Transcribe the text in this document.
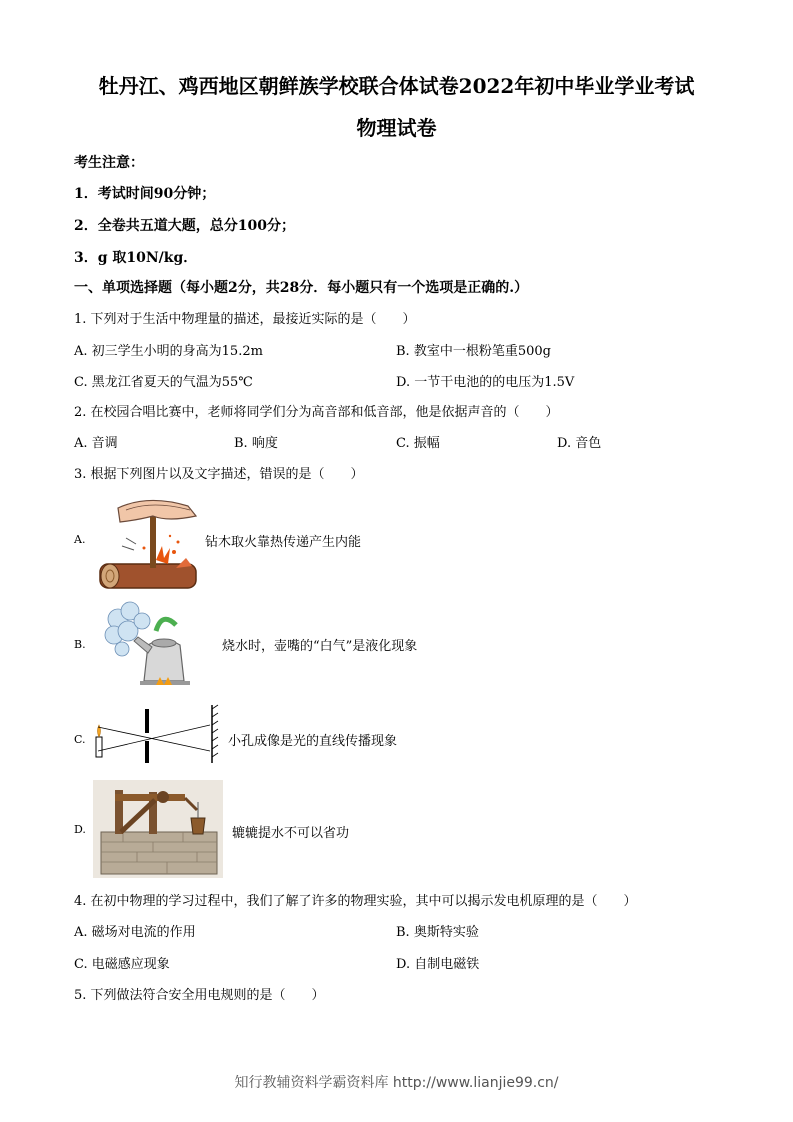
牡丹江、鸡西地区朝鲜族学校联合体试卷2022年初中毕业学业考试
物理试卷
考生注意：
1．考试时间90分钟；
2．全卷共五道大题，总分100分；
3．g 取10N/kg．
一、单项选择题（每小题2分，共28分．每小题只有一个选项是正确的.）
1. 下列对于生活中物理量的描述，最接近实际的是（　　）
A. 初三学生小明的身高为15.2m	B. 教室中一根粉笔重500g
C. 黑龙江省夏天的气温为55℃	D. 一节干电池的的电压为1.5V
2. 在校园合唱比赛中，老师将同学们分为高音部和低音部，他是依据声音的（　　）
A. 音调	B. 响度	C. 振幅	D. 音色
3. 根据下列图片以及文字描述，错误的是（　　）
A.	钻木取火靠热传递产生内能
B.	烧水时，壶嘴的“白气”是液化现象
C.	小孔成像是光的直线传播现象
D.	辘辘提水不可以省功
4. 在初中物理的学习过程中，我们了解了许多的物理实验，其中可以揭示发电机原理的是（　　）
A. 磁场对电流的作用	B. 奥斯特实验
C. 电磁感应现象	D. 自制电磁铁
5. 下列做法符合安全用电规则的是（　　）
知行教辅资料学霸资料库 http://www.lianjie99.cn/
